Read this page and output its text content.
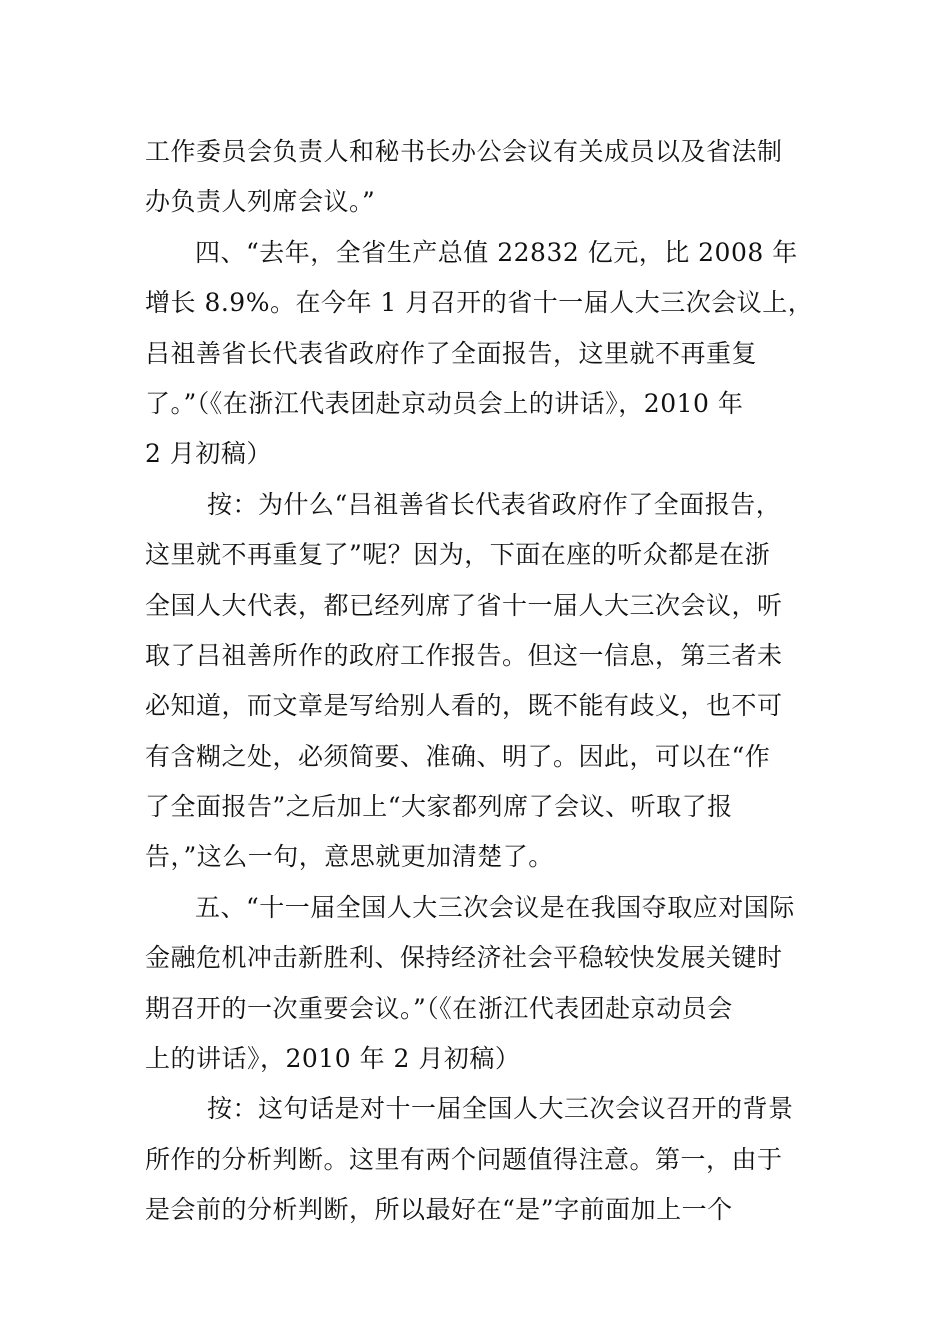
工作委员会负责人和秘书长办公会议有关成员以及省法制
办负责人列席会议。”
四、“去年，全省生产总值 22832 亿元，比 2008 年
增长 8.9%。在今年 1 月召开的省十一届人大三次会议上，
吕祖善省长代表省政府作了全面报告，这里就不再重复
了。”（《在浙江代表团赴京动员会上的讲话》，2010 年
2 月初稿）
按：为什么“吕祖善省长代表省政府作了全面报告，
这里就不再重复了”呢？因为，下面在座的听众都是在浙
全国人大代表，都已经列席了省十一届人大三次会议，听
取了吕祖善所作的政府工作报告。但这一信息，第三者未
必知道，而文章是写给别人看的，既不能有歧义，也不可
有含糊之处，必须简要、准确、明了。因此，可以在“作
了全面报告”之后加上“大家都列席了会议、听取了报
告，”这么一句，意思就更加清楚了。
五、“十一届全国人大三次会议是在我国夺取应对国际
金融危机冲击新胜利、保持经济社会平稳较快发展关键时
期召开的一次重要会议。”（《在浙江代表团赴京动员会
上的讲话》，2010 年 2 月初稿）
按：这句话是对十一届全国人大三次会议召开的背景
所作的分析判断。这里有两个问题值得注意。第一，由于
是会前的分析判断，所以最好在“是”字前面加上一个
